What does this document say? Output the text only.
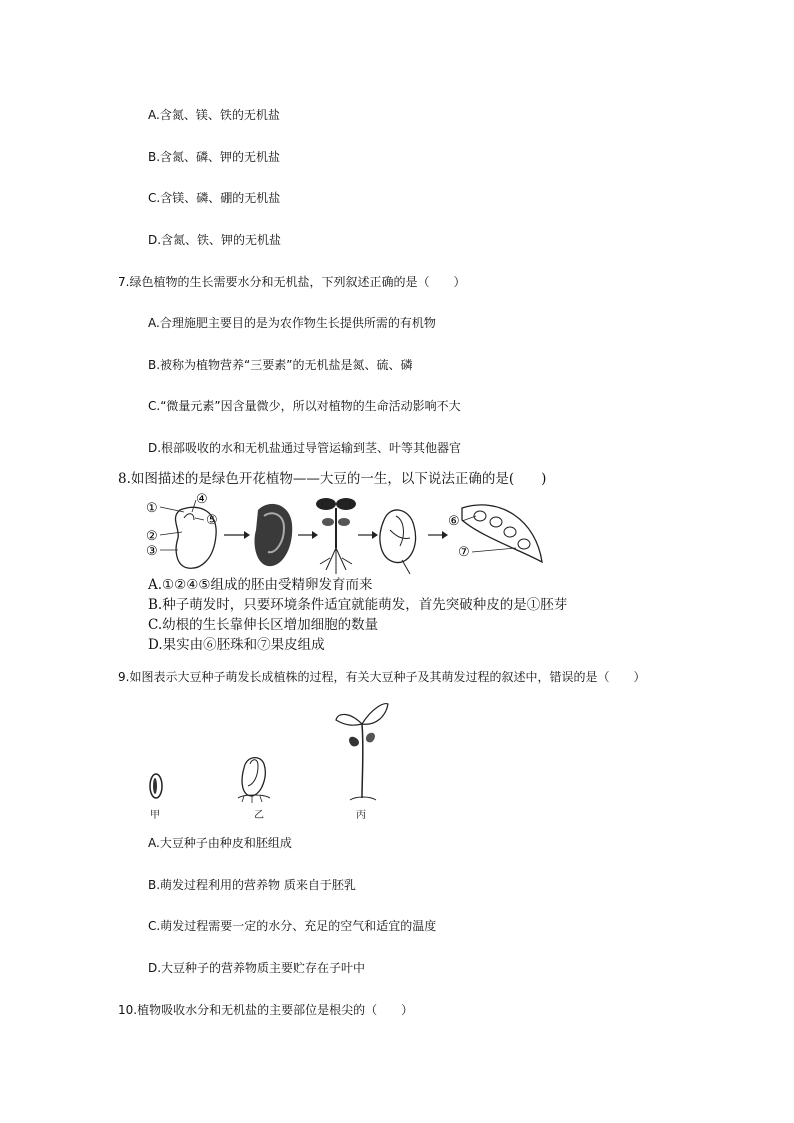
A.含氮、镁、铁的无机盐
B.含氮、磷、钾的无机盐
C.含镁、磷、硼的无机盐
D.含氮、铁、钾的无机盐
7.绿色植物的生长需要水分和无机盐，下列叙述正确的是（　　）
A.合理施肥主要目的是为农作物生长提供所需的有机物
B.被称为植物营养“三要素”的无机盐是氮、硫、磷
C.“微量元素”因含量微少，所以对植物的生命活动影响不大
D.根部吸收的水和无机盐通过导管运输到茎、叶等其他器官
8.如图描述的是绿色开花植物——大豆的一生，以下说法正确的是(　　)
①
②
③
④
⑤	⑥
⑦
A.①②④⑤组成的胚由受精卵发育而来
B.种子萌发时，只要环境条件适宜就能萌发，首先突破种皮的是①胚芽
C.幼根的生长靠伸长区增加细胞的数量
D.果实由⑥胚珠和⑦果皮组成
9.如图表示大豆种子萌发长成植株的过程，有关大豆种子及其萌发过程的叙述中，错误的是（　　）
甲	乙	丙
A.大豆种子由种皮和胚组成
B.萌发过程利用的营养物 质来自于胚乳
C.萌发过程需要一定的水分、充足的空气和适宜的温度
D.大豆种子的营养物质主要贮存在子叶中
10.植物吸收水分和无机盐的主要部位是根尖的（　　）
